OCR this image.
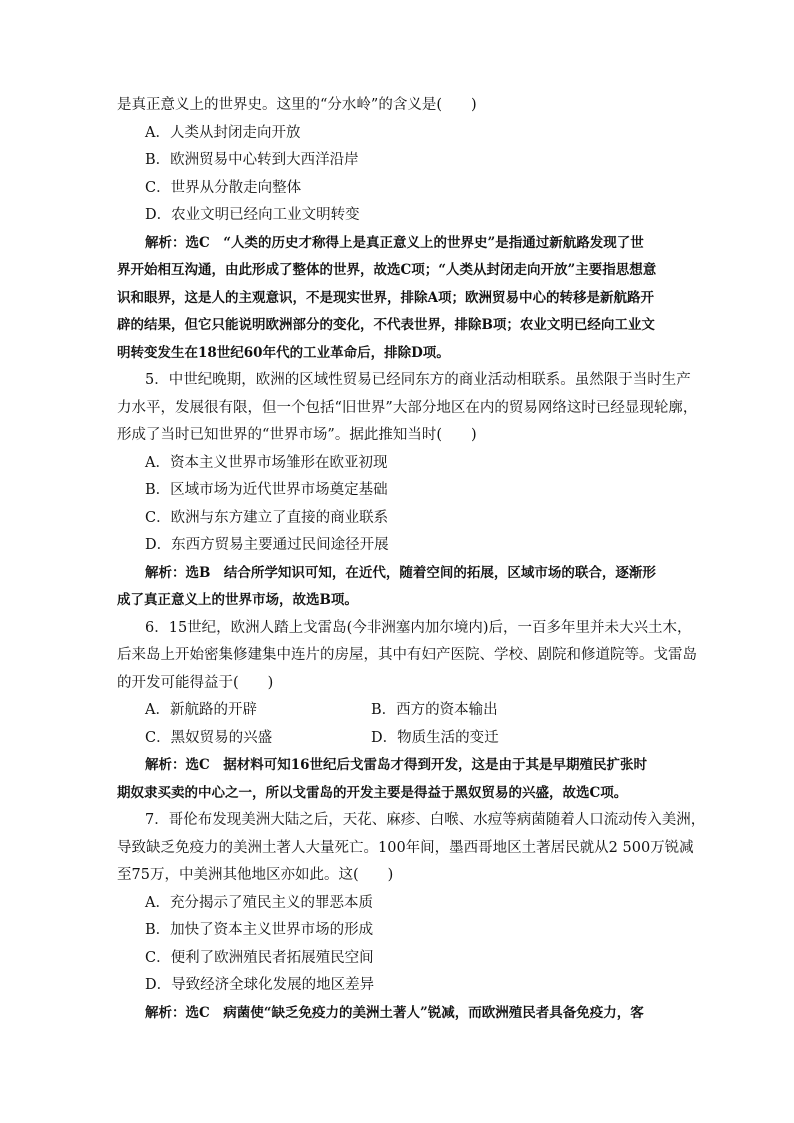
是真正意义上的世界史。这里的“分水岭”的含义是(　　)
A．人类从封闭走向开放
B．欧洲贸易中心转到大西洋沿岸
C．世界从分散走向整体
D．农业文明已经向工业文明转变
解析：选C　“人类的历史才称得上是真正意义上的世界史”是指通过新航路发现了世
界开始相互沟通，由此形成了整体的世界，故选C项；“人类从封闭走向开放”主要指思想意
识和眼界，这是人的主观意识，不是现实世界，排除A项；欧洲贸易中心的转移是新航路开
辟的结果，但它只能说明欧洲部分的变化，不代表世界，排除B项；农业文明已经向工业文
明转变发生在18世纪60年代的工业革命后，排除D项。
5．中世纪晚期，欧洲的区域性贸易已经同东方的商业活动相联系。虽然限于当时生产
力水平，发展很有限，但一个包括“旧世界”大部分地区在内的贸易网络这时已经显现轮廓，
形成了当时已知世界的“世界市场”。据此推知当时(　　)
A．资本主义世界市场雏形在欧亚初现
B．区域市场为近代世界市场奠定基础
C．欧洲与东方建立了直接的商业联系
D．东西方贸易主要通过民间途径开展
解析：选B　结合所学知识可知，在近代，随着空间的拓展，区域市场的联合，逐渐形
成了真正意义上的世界市场，故选B项。
6．15世纪，欧洲人踏上戈雷岛(今非洲塞内加尔境内)后，一百多年里并未大兴土木，
后来岛上开始密集修建集中连片的房屋，其中有妇产医院、学校、剧院和修道院等。戈雷岛
的开发可能得益于(　　)
A．新航路的开辟	B．西方的资本输出
C．黑奴贸易的兴盛	D．物质生活的变迁
解析：选C　据材料可知16世纪后戈雷岛才得到开发，这是由于其是早期殖民扩张时
期奴隶买卖的中心之一，所以戈雷岛的开发主要是得益于黑奴贸易的兴盛，故选C项。
7．哥伦布发现美洲大陆之后，天花、麻疹、白喉、水痘等病菌随着人口流动传入美洲，
导致缺乏免疫力的美洲土著人大量死亡。100年间，墨西哥地区土著居民就从2 500万锐减
至75万，中美洲其他地区亦如此。这(　　)
A．充分揭示了殖民主义的罪恶本质
B．加快了资本主义世界市场的形成
C．便利了欧洲殖民者拓展殖民空间
D．导致经济全球化发展的地区差异
解析：选C　病菌使“缺乏免疫力的美洲土著人”锐减，而欧洲殖民者具备免疫力，客
